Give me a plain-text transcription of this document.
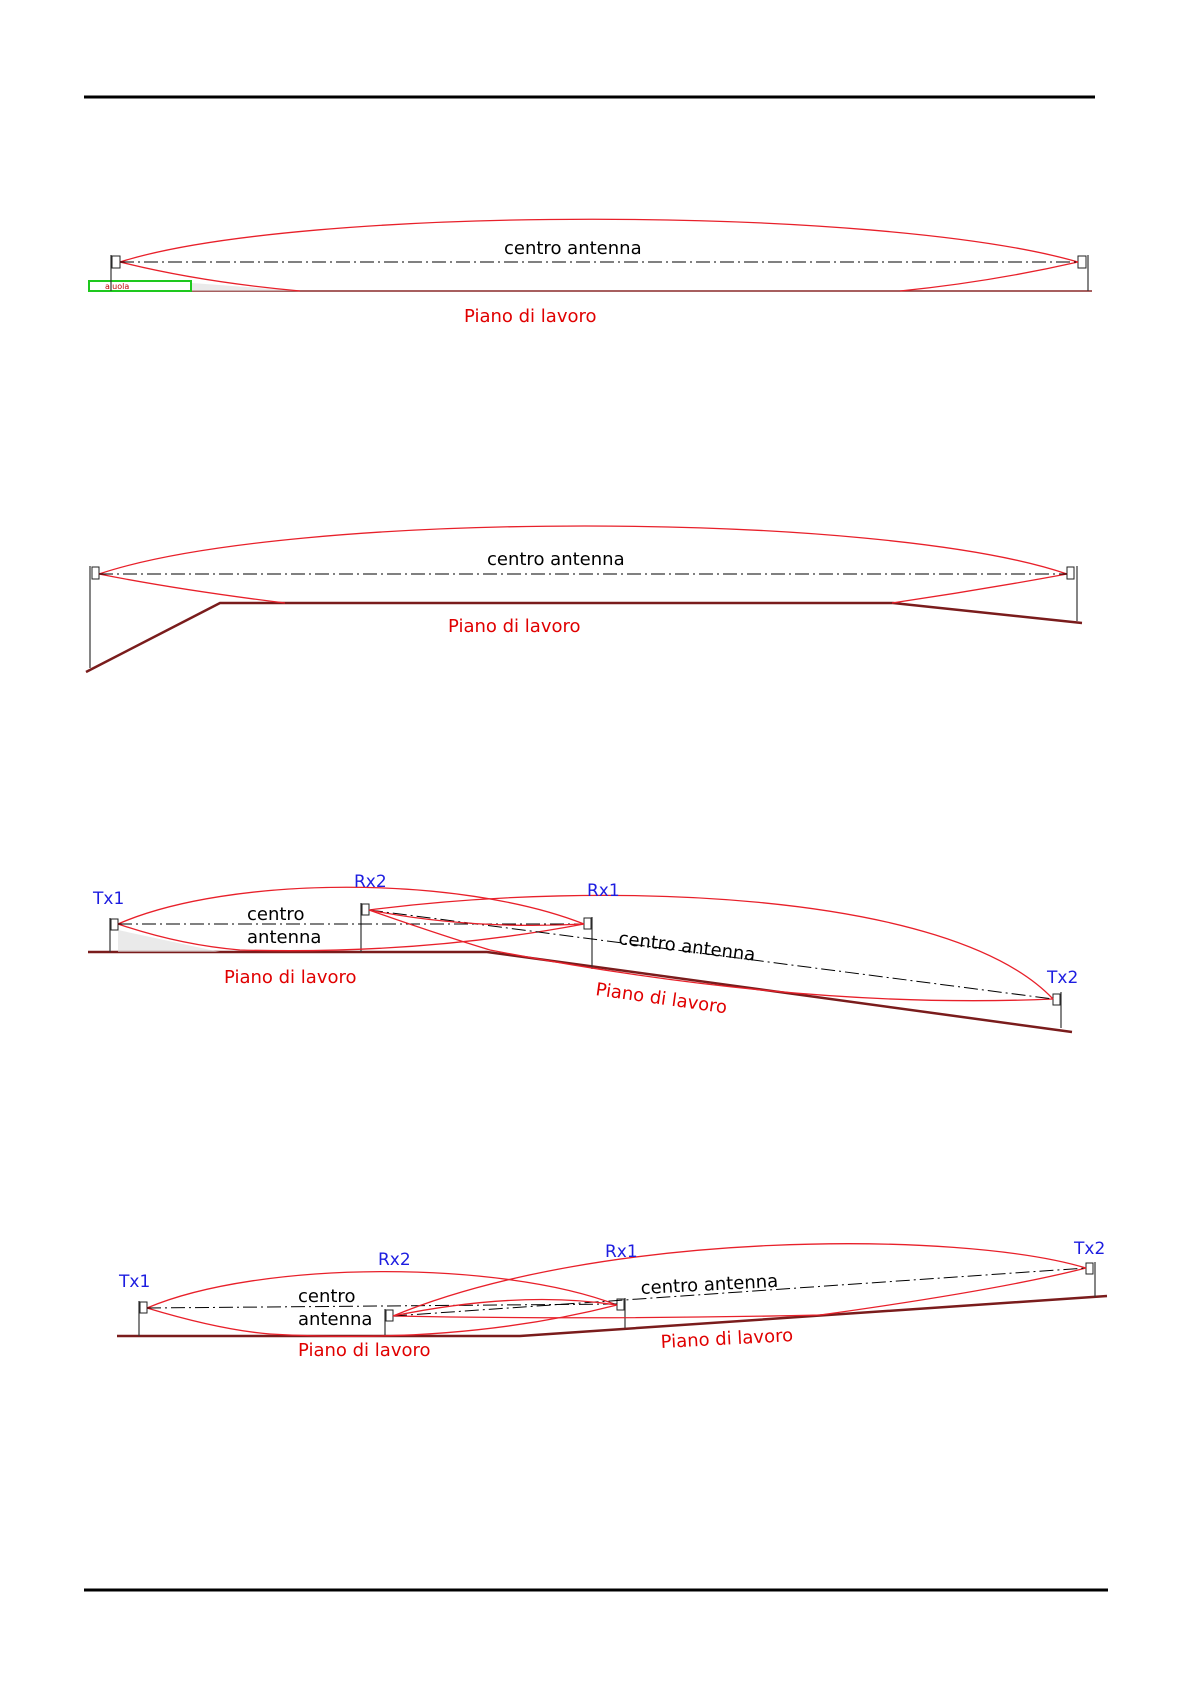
aiuola
centro antenna
Piano di lavoro
centro antenna
Piano di lavoro
centro
antenna	centro antenna
Piano di lavoro
Piano di lavoro
Tx1
Rx2	Rx1
Tx2
centro
antenna
centro antenna
Piano di lavoro	Piano di lavoro
Tx1
Rx2	Rx1	Tx2
